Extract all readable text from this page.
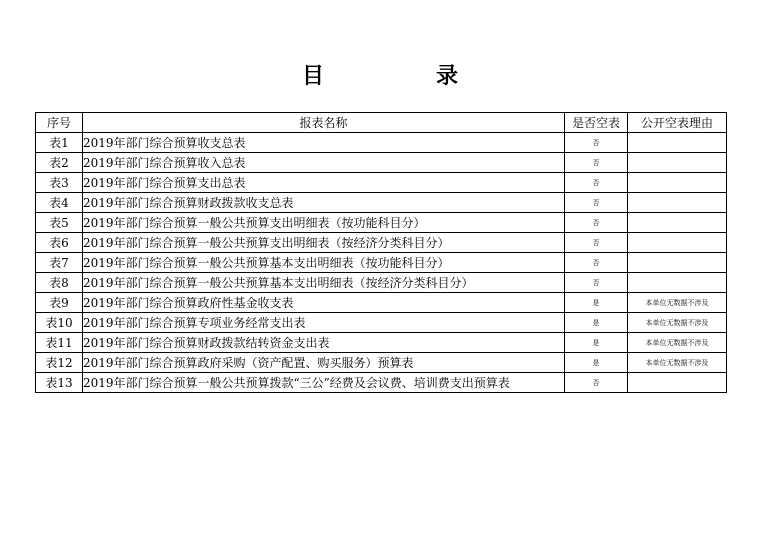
目	录
序号	报表名称	是否空表	公开空表理由
表1	2019年部门综合预算收支总表	否	
表2	2019年部门综合预算收入总表	否	
表3	2019年部门综合预算支出总表	否	
表4	2019年部门综合预算财政拨款收支总表	否	
表5	2019年部门综合预算一般公共预算支出明细表（按功能科目分）	否	
表6	2019年部门综合预算一般公共预算支出明细表（按经济分类科目分）	否	
表7	2019年部门综合预算一般公共预算基本支出明细表（按功能科目分）	否	
表8	2019年部门综合预算一般公共预算基本支出明细表（按经济分类科目分）	否	
表9	2019年部门综合预算政府性基金收支表	是	本单位无数据不涉及
表10	2019年部门综合预算专项业务经常支出表	是	本单位无数据不涉及
表11	2019年部门综合预算财政拨款结转资金支出表	是	本单位无数据不涉及
表12	2019年部门综合预算政府采购（资产配置、购买服务）预算表	是	本单位无数据不涉及
表13	2019年部门综合预算一般公共预算拨款“三公”经费及会议费、培训费支出预算表	否	
